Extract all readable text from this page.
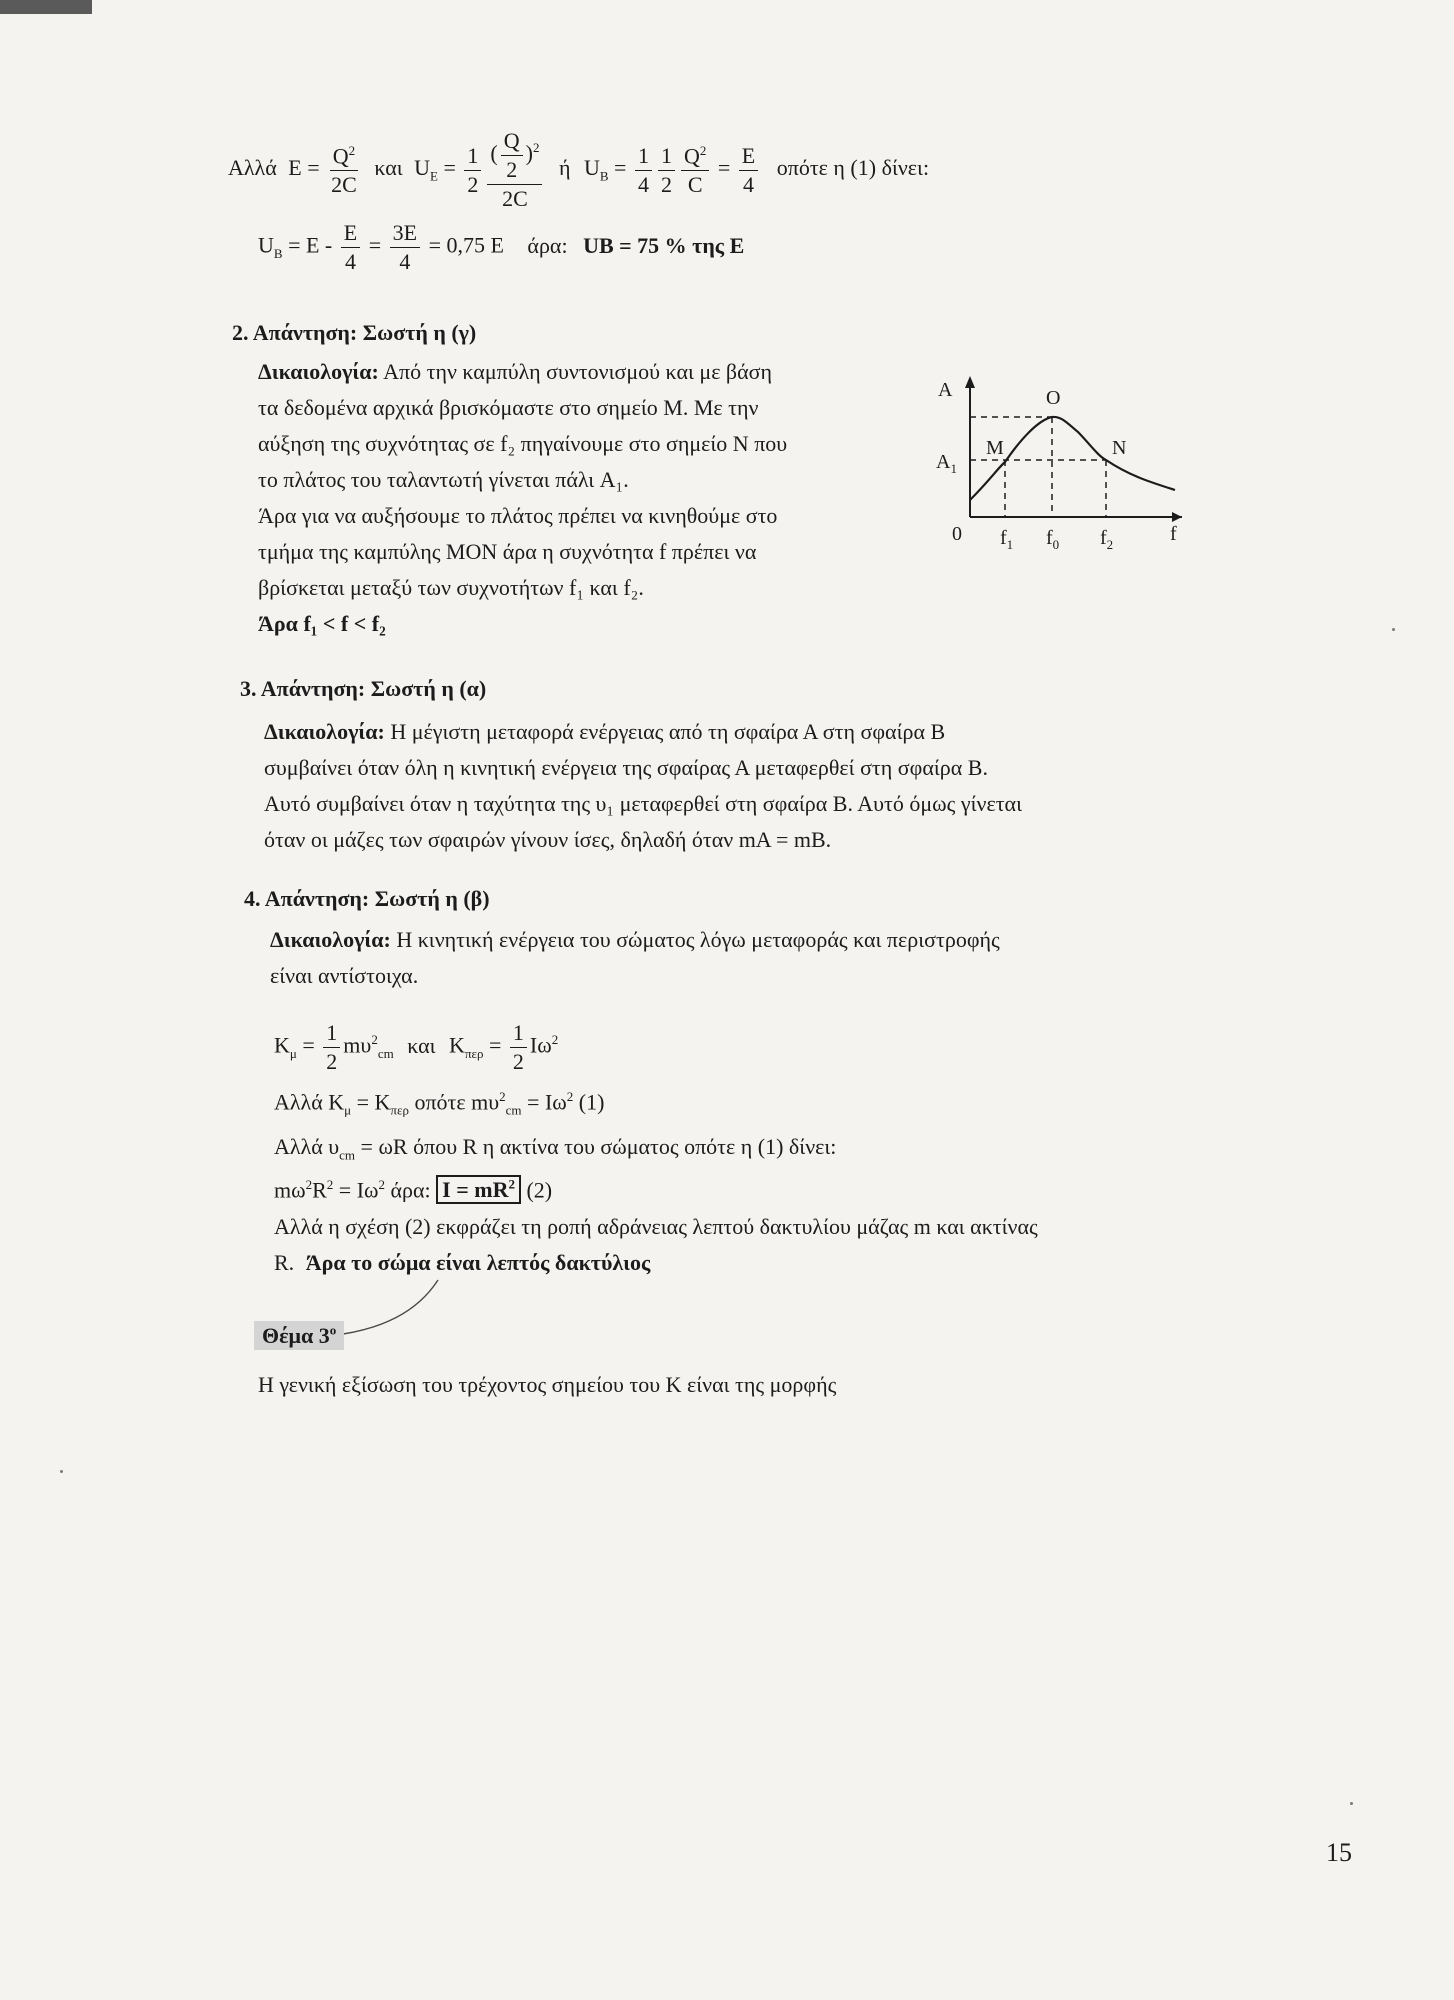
Αλλά $E = \frac{Q^2}{2C}$ και $U_E = \frac{1}{2} \frac{( \frac{Q}{2} )^2}{2C}$ ή $U_B = \frac{1}{4} \frac{1}{2} \frac{Q^2}{C} = \frac{E}{4}$ οπότε η (1) δίνει:
$U_B = E - \frac{E}{4} = \frac{3E}{4} = 0,75$ E άρα: UB = 75 % της E
2. Απάντηση: Σωστή η (γ)
Δικαιολογία: Από την καμπύλη συντονισμού και με βάση
τα δεδομένα αρχικά βρισκόμαστε στο σημείο Μ. Με την
αύξηση της συχνότητας σε f₂ πηγαίνουμε στο σημείο Ν που
το πλάτος του ταλαντωτή γίνεται πάλι A₁.
Άρα για να αυξήσουμε το πλάτος πρέπει να κινηθούμε στο
τμήμα της καμπύλης ΜΟΝ άρα η συχνότητα f πρέπει να
βρίσκεται μεταξύ των συχνοτήτων f₁ και f₂.
Άρα f₁ < f < f₂
A
$A_1$
O
M	N
0 $f_1$ $f_0$ $f_2$	f
3. Απάντηση: Σωστή η (α)
Δικαιολογία: Η μέγιστη μεταφορά ενέργειας από τη σφαίρα Α στη σφαίρα Β
συμβαίνει όταν όλη η κινητική ενέργεια της σφαίρας Α μεταφερθεί στη σφαίρα Β.
Αυτό συμβαίνει όταν η ταχύτητα της υ₁ μεταφερθεί στη σφαίρα Β. Αυτό όμως γίνεται
όταν οι μάζες των σφαιρών γίνουν ίσες, δηλαδή όταν mA = mB.
4. Απάντηση: Σωστή η (β)
Δικαιολογία: Η κινητική ενέργεια του σώματος λόγω μεταφοράς και περιστροφής
είναι αντίστοιχα.
$K_\mu = \frac{1}{2} m\upsilon^2_{cm}$ και $K_{\pi\varepsilon\rho} = \frac{1}{2} I\omega^2$
Αλλά $K_\mu = K_{\pi\varepsilon\rho}$ οπότε $m\upsilon^2_{cm} = I\omega^2$ (1)
Αλλά $\upsilon_{cm} = \omega R$ όπου R η ακτίνα του σώματος οπότε η (1) δίνει:
$m\omega^2R^2 = I\omega^2$ άρα: $I = mR^2$ (2)
Αλλά η σχέση (2) εκφράζει τη ροπή αδράνειας λεπτού δακτυλίου μάζας m και ακτίνας
R. Άρα το σώμα είναι λεπτός δακτύλιος
Θέμα $3^o$
Η γενική εξίσωση του τρέχοντος σημείου του Κ είναι της μορφής
15
